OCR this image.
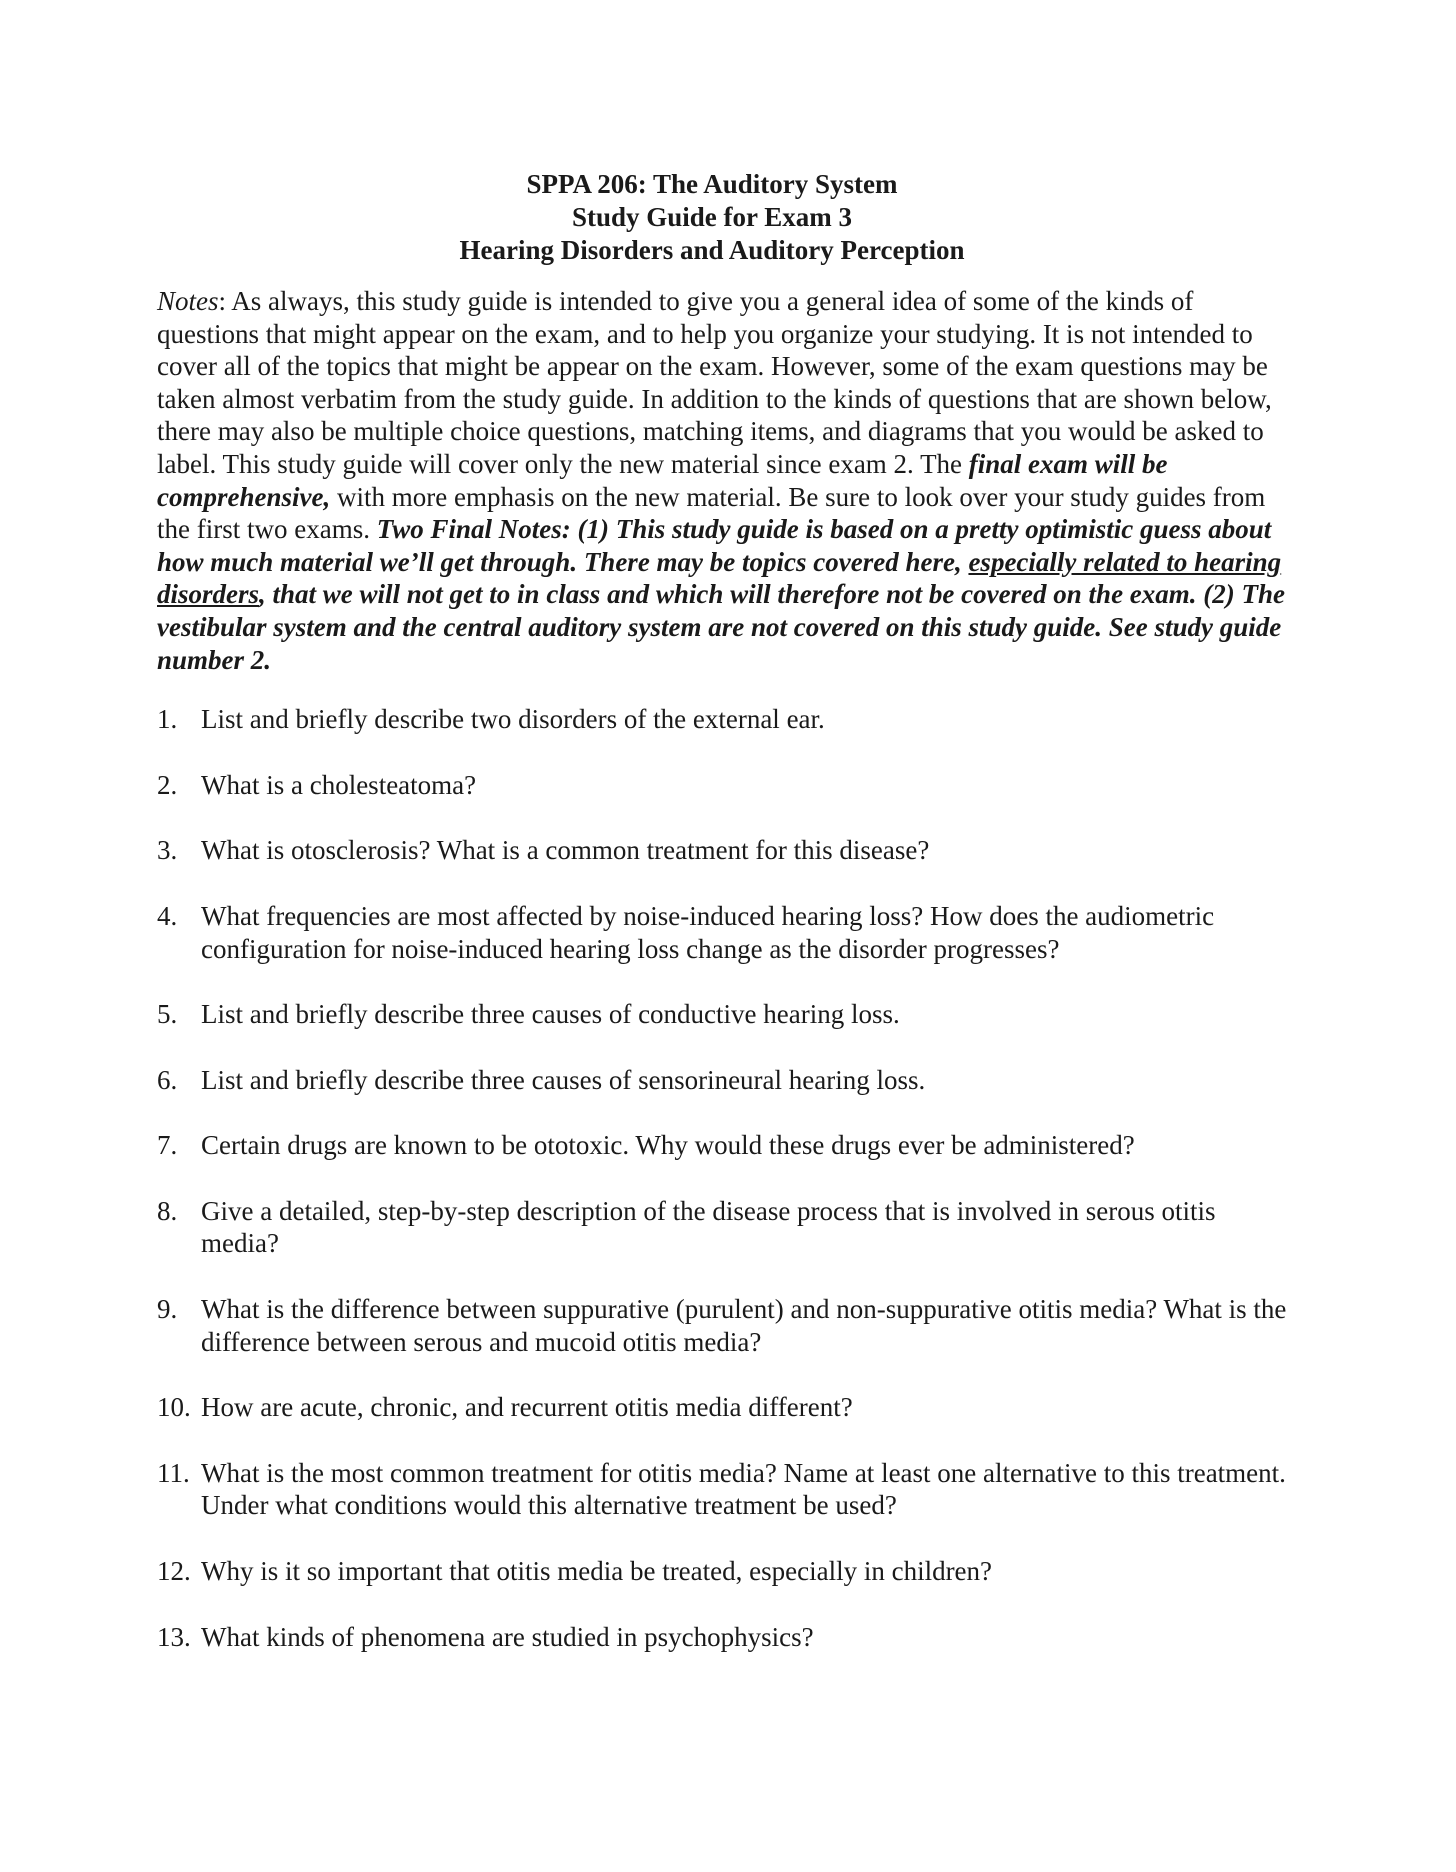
SPPA 206: The Auditory System
Study Guide for Exam 3
Hearing Disorders and Auditory Perception

Notes: As always, this study guide is intended to give you a general idea of some of the kinds of questions that might appear on the exam, and to help you organize your studying. It is not intended to cover all of the topics that might be appear on the exam. However, some of the exam questions may be taken almost verbatim from the study guide. In addition to the kinds of questions that are shown below, there may also be multiple choice questions, matching items, and diagrams that you would be asked to label. This study guide will cover only the new material since exam 2. The final exam will be comprehensive, with more emphasis on the new material. Be sure to look over your study guides from the first two exams. Two Final Notes: (1) This study guide is based on a pretty optimistic guess about how much material we’ll get through. There may be topics covered here, especially related to hearing disorders, that we will not get to in class and which will therefore not be covered on the exam. (2) The vestibular system and the central auditory system are not covered on this study guide. See study guide number 2.

1. List and briefly describe two disorders of the external ear.
2. What is a cholesteatoma?
3. What is otosclerosis? What is a common treatment for this disease?
4. What frequencies are most affected by noise-induced hearing loss? How does the audiometric configuration for noise-induced hearing loss change as the disorder progresses?
5. List and briefly describe three causes of conductive hearing loss.
6. List and briefly describe three causes of sensorineural hearing loss.
7. Certain drugs are known to be ototoxic. Why would these drugs ever be administered?
8. Give a detailed, step-by-step description of the disease process that is involved in serous otitis media?
9. What is the difference between suppurative (purulent) and non-suppurative otitis media? What is the difference between serous and mucoid otitis media?
10. How are acute, chronic, and recurrent otitis media different?
11. What is the most common treatment for otitis media? Name at least one alternative to this treatment. Under what conditions would this alternative treatment be used?
12. Why is it so important that otitis media be treated, especially in children?
13. What kinds of phenomena are studied in psychophysics?
